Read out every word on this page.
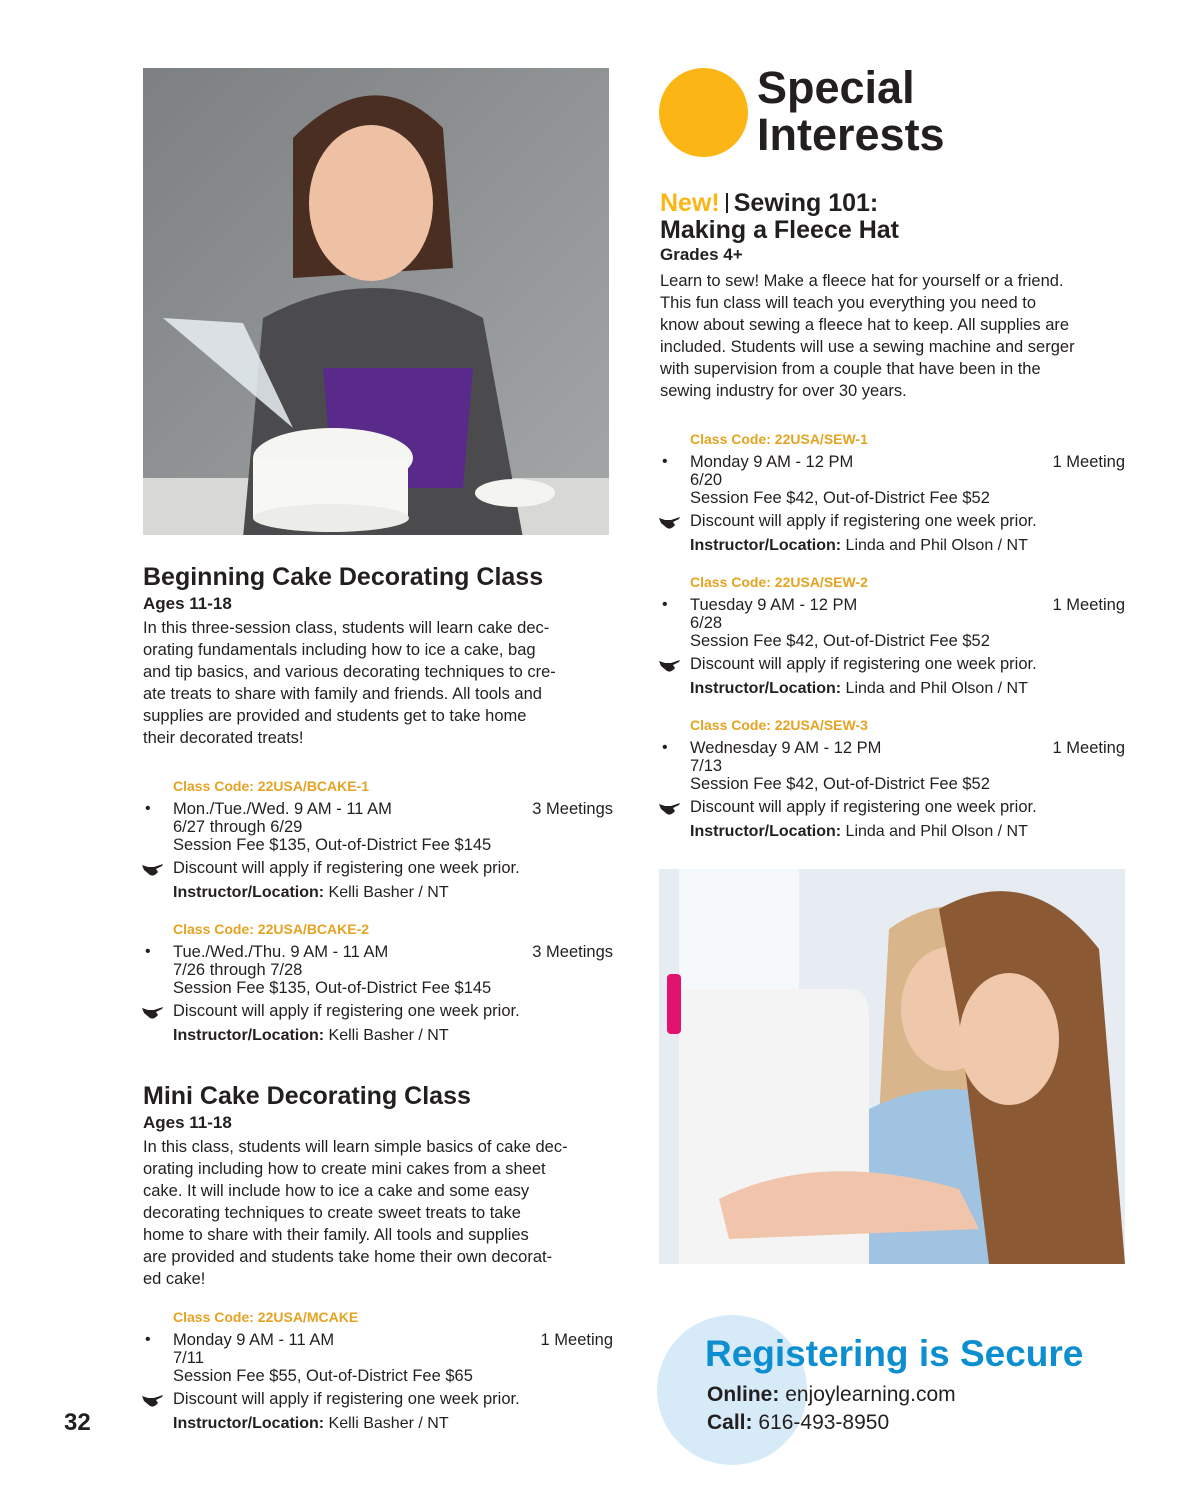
Special
Interests
Beginning Cake Decorating Class
Ages 11-18
In this three-session class, students will learn cake dec-
orating fundamentals including how to ice a cake, bag
and tip basics, and various decorating techniques to cre-
ate treats to share with family and friends. All tools and
supplies are provided and students get to take home
their decorated treats!
Class Code: 22USA/BCAKE-1
• Mon./Tue./Wed. 9 AM - 11 AM	3 Meetings
6/27 through 6/29
Session Fee $135, Out-of-District Fee $145
Discount will apply if registering one week prior.
Instructor/Location: Kelli Basher / NT
Class Code: 22USA/BCAKE-2
• Tue./Wed./Thu. 9 AM - 11 AM	3 Meetings
7/26 through 7/28
Session Fee $135, Out-of-District Fee $145
Discount will apply if registering one week prior.
Instructor/Location: Kelli Basher / NT
Mini Cake Decorating Class
Ages 11-18
In this class, students will learn simple basics of cake dec-
orating including how to create mini cakes from a sheet
cake. It will include how to ice a cake and some easy
decorating techniques to create sweet treats to take
home to share with their family. All tools and supplies
are provided and students take home their own decorat-
ed cake!
Class Code: 22USA/MCAKE
• Monday 9 AM - 11 AM	1 Meeting
7/11
Session Fee $55, Out-of-District Fee $65
Discount will apply if registering one week prior.
Instructor/Location: Kelli Basher / NT
New! Sewing 101:
Making a Fleece Hat
Grades 4+
Learn to sew! Make a fleece hat for yourself or a friend.
This fun class will teach you everything you need to
know about sewing a fleece hat to keep. All supplies are
included. Students will use a sewing machine and serger
with supervision from a couple that have been in the
sewing industry for over 30 years.
Class Code: 22USA/SEW-1
• Monday 9 AM - 12 PM	1 Meeting
6/20
Session Fee $42, Out-of-District Fee $52
Discount will apply if registering one week prior.
Instructor/Location: Linda and Phil Olson / NT
Class Code: 22USA/SEW-2
• Tuesday 9 AM - 12 PM	1 Meeting
6/28
Session Fee $42, Out-of-District Fee $52
Discount will apply if registering one week prior.
Instructor/Location: Linda and Phil Olson / NT
Class Code: 22USA/SEW-3
• Wednesday 9 AM - 12 PM	1 Meeting
7/13
Session Fee $42, Out-of-District Fee $52
Discount will apply if registering one week prior.
Instructor/Location: Linda and Phil Olson / NT
Registering is Secure
Online: enjoylearning.com
Call: 616-493-8950
32
